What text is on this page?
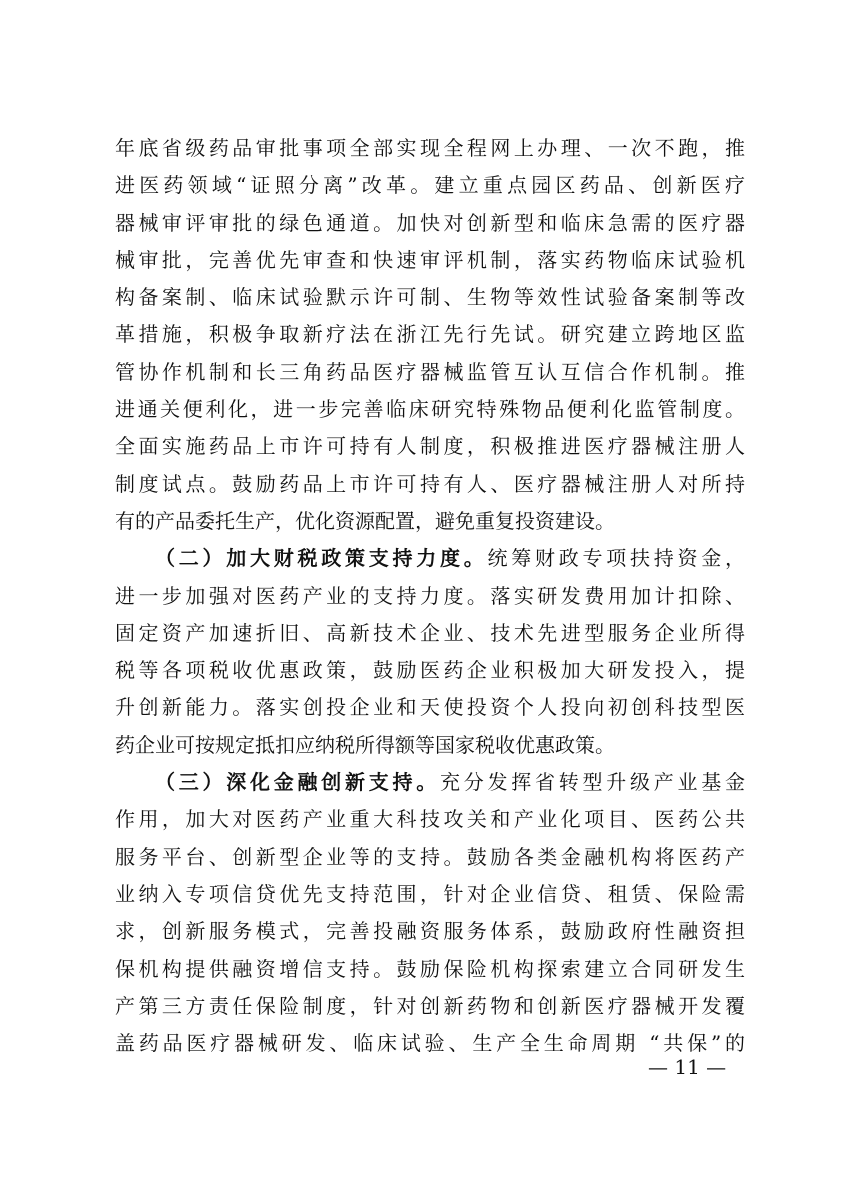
年底省级药品审批事项全部实现全程网上办理、一次不跑，推
进医药领域“证照分离”改革。建立重点园区药品、创新医疗
器械审评审批的绿色通道。加快对创新型和临床急需的医疗器
械审批，完善优先审查和快速审评机制，落实药物临床试验机
构备案制、临床试验默示许可制、生物等效性试验备案制等改
革措施，积极争取新疗法在浙江先行先试。研究建立跨地区监
管协作机制和长三角药品医疗器械监管互认互信合作机制。推
进通关便利化，进一步完善临床研究特殊物品便利化监管制度。
全面实施药品上市许可持有人制度，积极推进医疗器械注册人
制度试点。鼓励药品上市许可持有人、医疗器械注册人对所持
有的产品委托生产，优化资源配置，避免重复投资建设。
（二）加大财税政策支持力度。统筹财政专项扶持资金，
进一步加强对医药产业的支持力度。落实研发费用加计扣除、
固定资产加速折旧、高新技术企业、技术先进型服务企业所得
税等各项税收优惠政策，鼓励医药企业积极加大研发投入，提
升创新能力。落实创投企业和天使投资个人投向初创科技型医
药企业可按规定抵扣应纳税所得额等国家税收优惠政策。
（三）深化金融创新支持。充分发挥省转型升级产业基金
作用，加大对医药产业重大科技攻关和产业化项目、医药公共
服务平台、创新型企业等的支持。鼓励各类金融机构将医药产
业纳入专项信贷优先支持范围，针对企业信贷、租赁、保险需
求，创新服务模式，完善投融资服务体系，鼓励政府性融资担
保机构提供融资增信支持。鼓励保险机构探索建立合同研发生
产第三方责任保险制度，针对创新药物和创新医疗器械开发覆
盖药品医疗器械研发、临床试验、生产全生命周期 “共保”的
— 11 —
